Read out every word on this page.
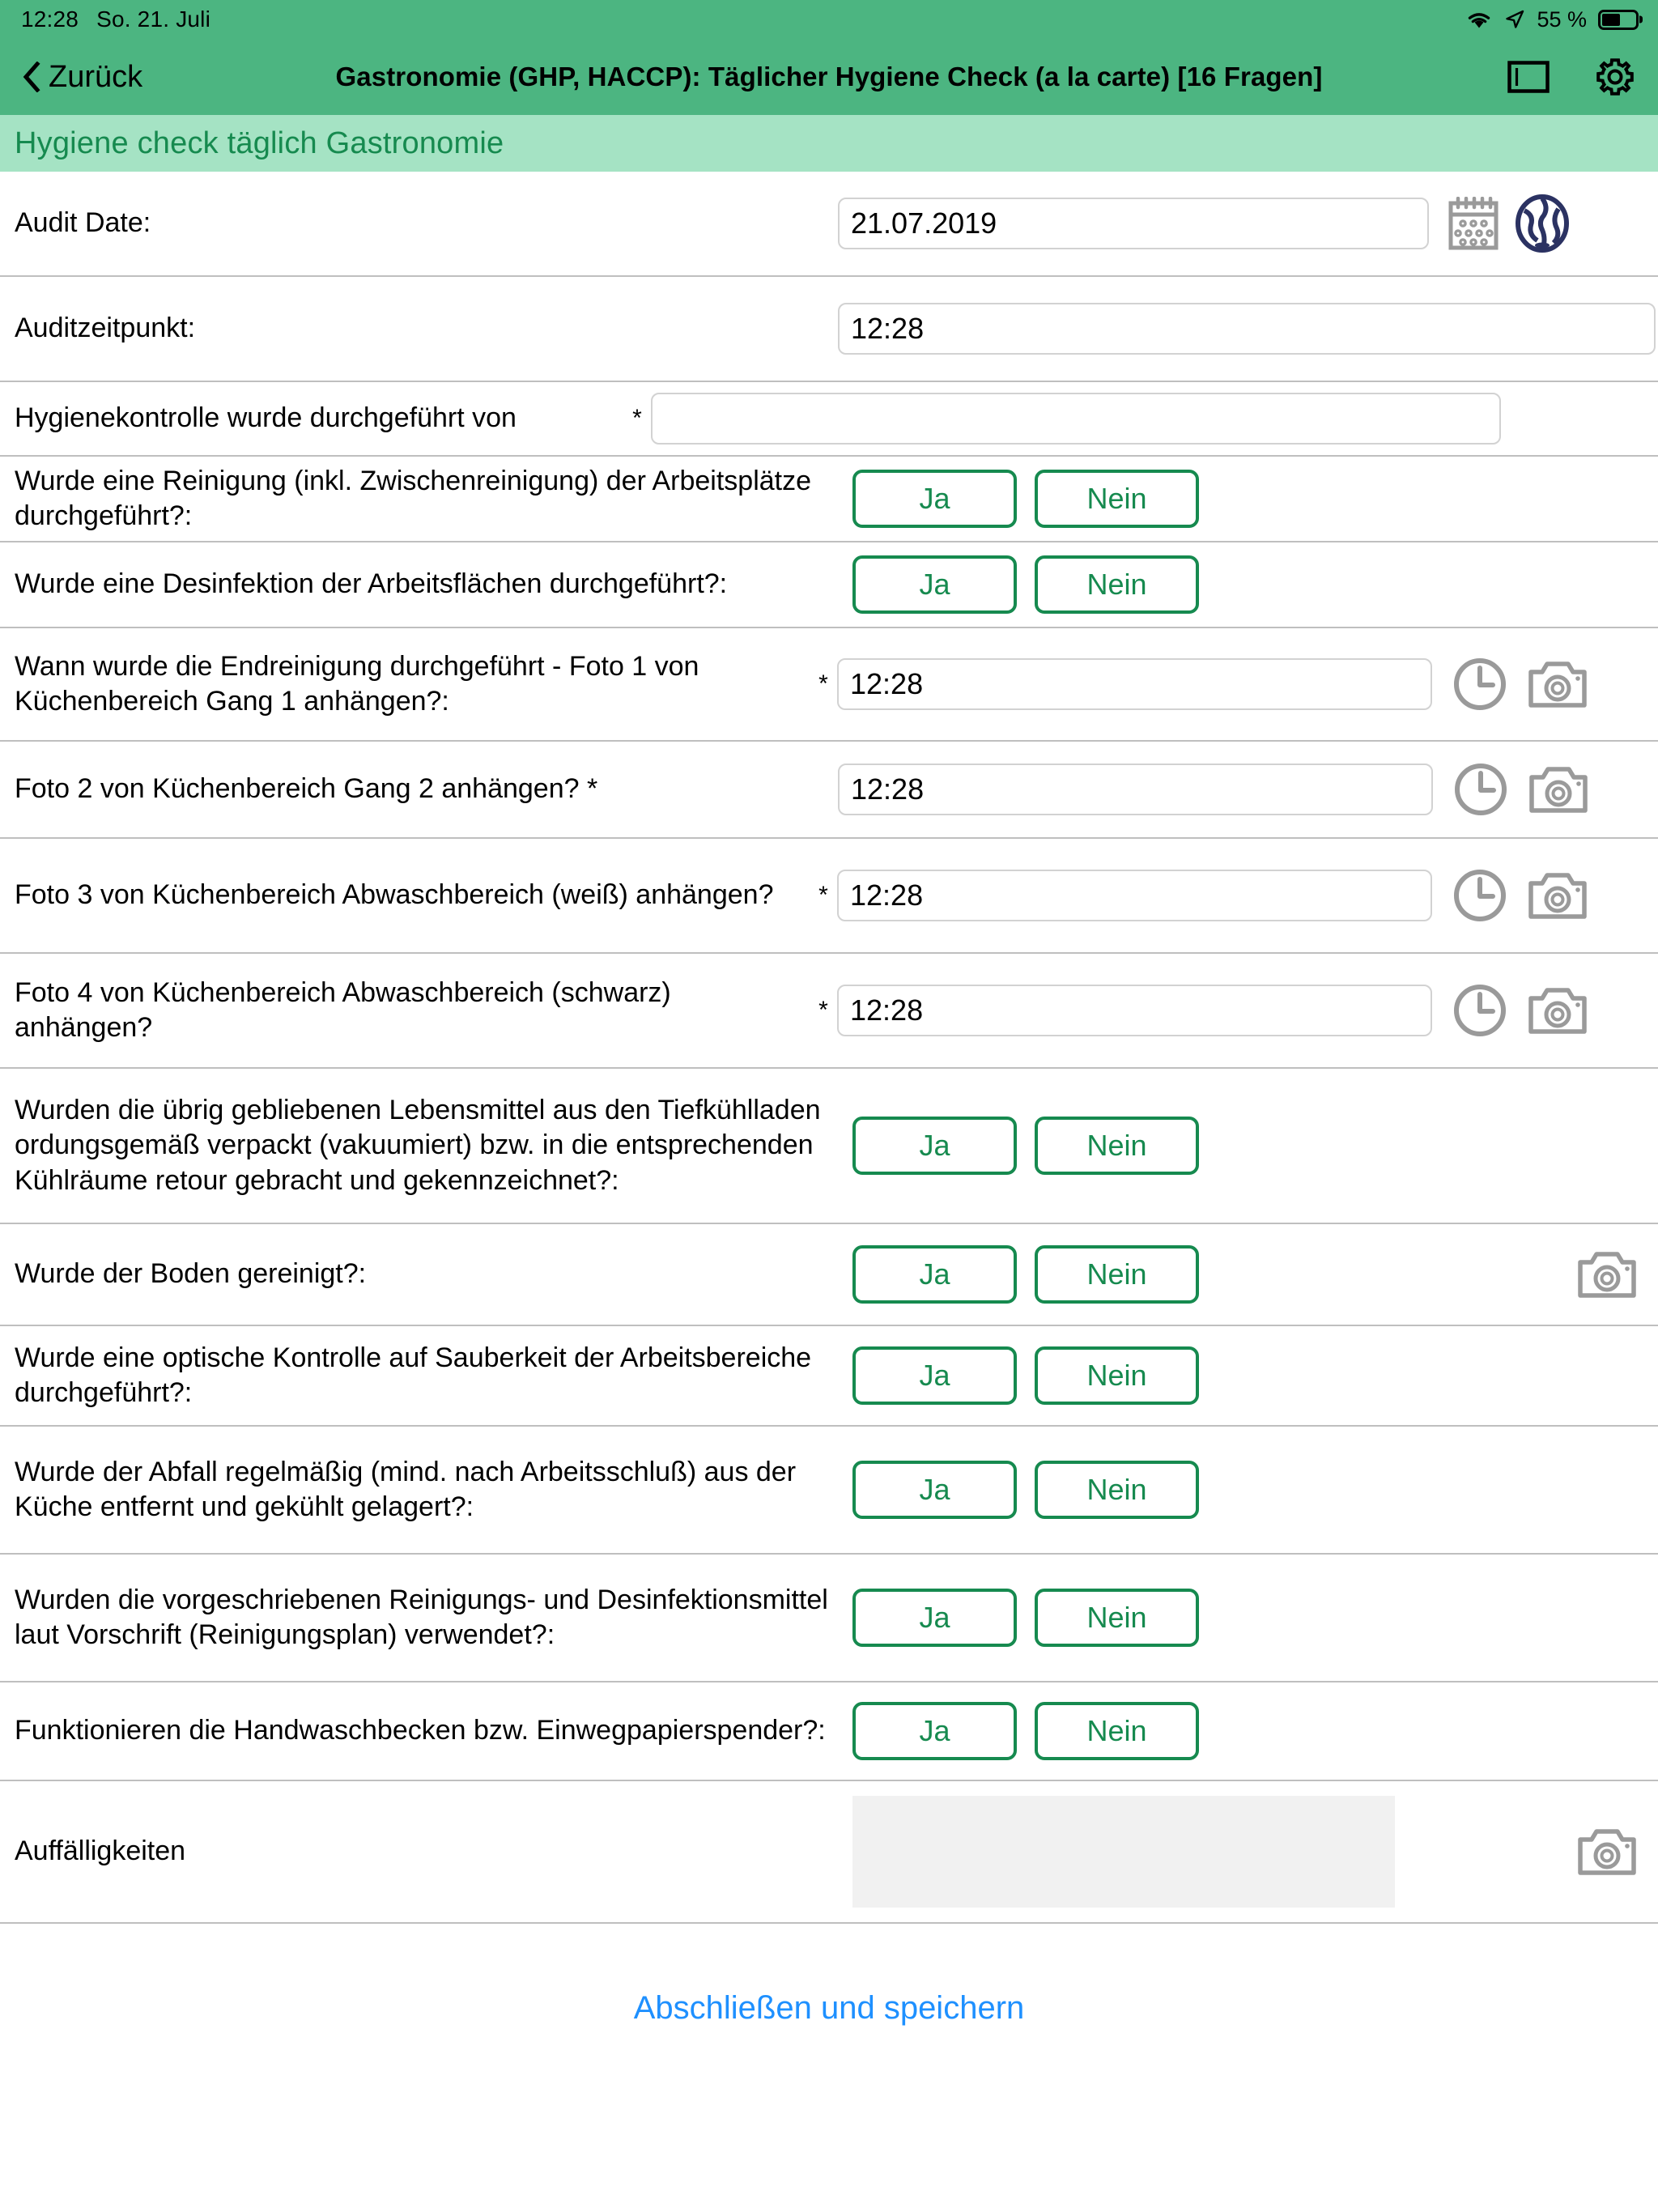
12:28 So. 21. Juli	55 %
Zurück	Gastronomie (GHP, HACCP): Täglicher Hygiene Check (a la carte) [16 Fragen]
Hygiene check täglich Gastronomie
Audit Date:	21.07.2019
Auditzeitpunkt:	12:28
Hygienekontrolle wurde durchgeführt von	*
Wurde eine Reinigung (inkl. Zwischenreinigung) der Arbeitsplätze durchgeführt?:
Ja	Nein
Wurde eine Desinfektion der Arbeitsflächen durchgeführt?:	Ja	Nein
Wann wurde die Endreinigung durchgeführt - Foto 1 von Küchenbereich Gang 1 anhängen?:
* 12:28
Foto 2 von Küchenbereich Gang 2 anhängen? *	12:28
Foto 3 von Küchenbereich Abwaschbereich (weiß) anhängen?	* 12:28
Foto 4 von Küchenbereich Abwaschbereich (schwarz) anhängen?
* 12:28
Wurden die übrig gebliebenen Lebensmittel aus den Tiefkühlladen ordungsgemäß verpackt (vakuumiert) bzw. in die entsprechenden Kühlräume retour gebracht und gekennzeichnet?:
Ja	Nein
Wurde der Boden gereinigt?:	Ja	Nein
Wurde eine optische Kontrolle auf Sauberkeit der Arbeitsbereiche durchgeführt?:
Ja	Nein
Wurde der Abfall regelmäßig (mind. nach Arbeitsschluß) aus der Küche entfernt und gekühlt gelagert?:
Ja	Nein
Wurden die vorgeschriebenen Reinigungs- und Desinfektionsmittel laut Vorschrift (Reinigungsplan) verwendet?:
Ja	Nein
Funktionieren die Handwaschbecken bzw. Einwegpapierspender?:	Ja	Nein
Auffälligkeiten
Abschließen und speichern
